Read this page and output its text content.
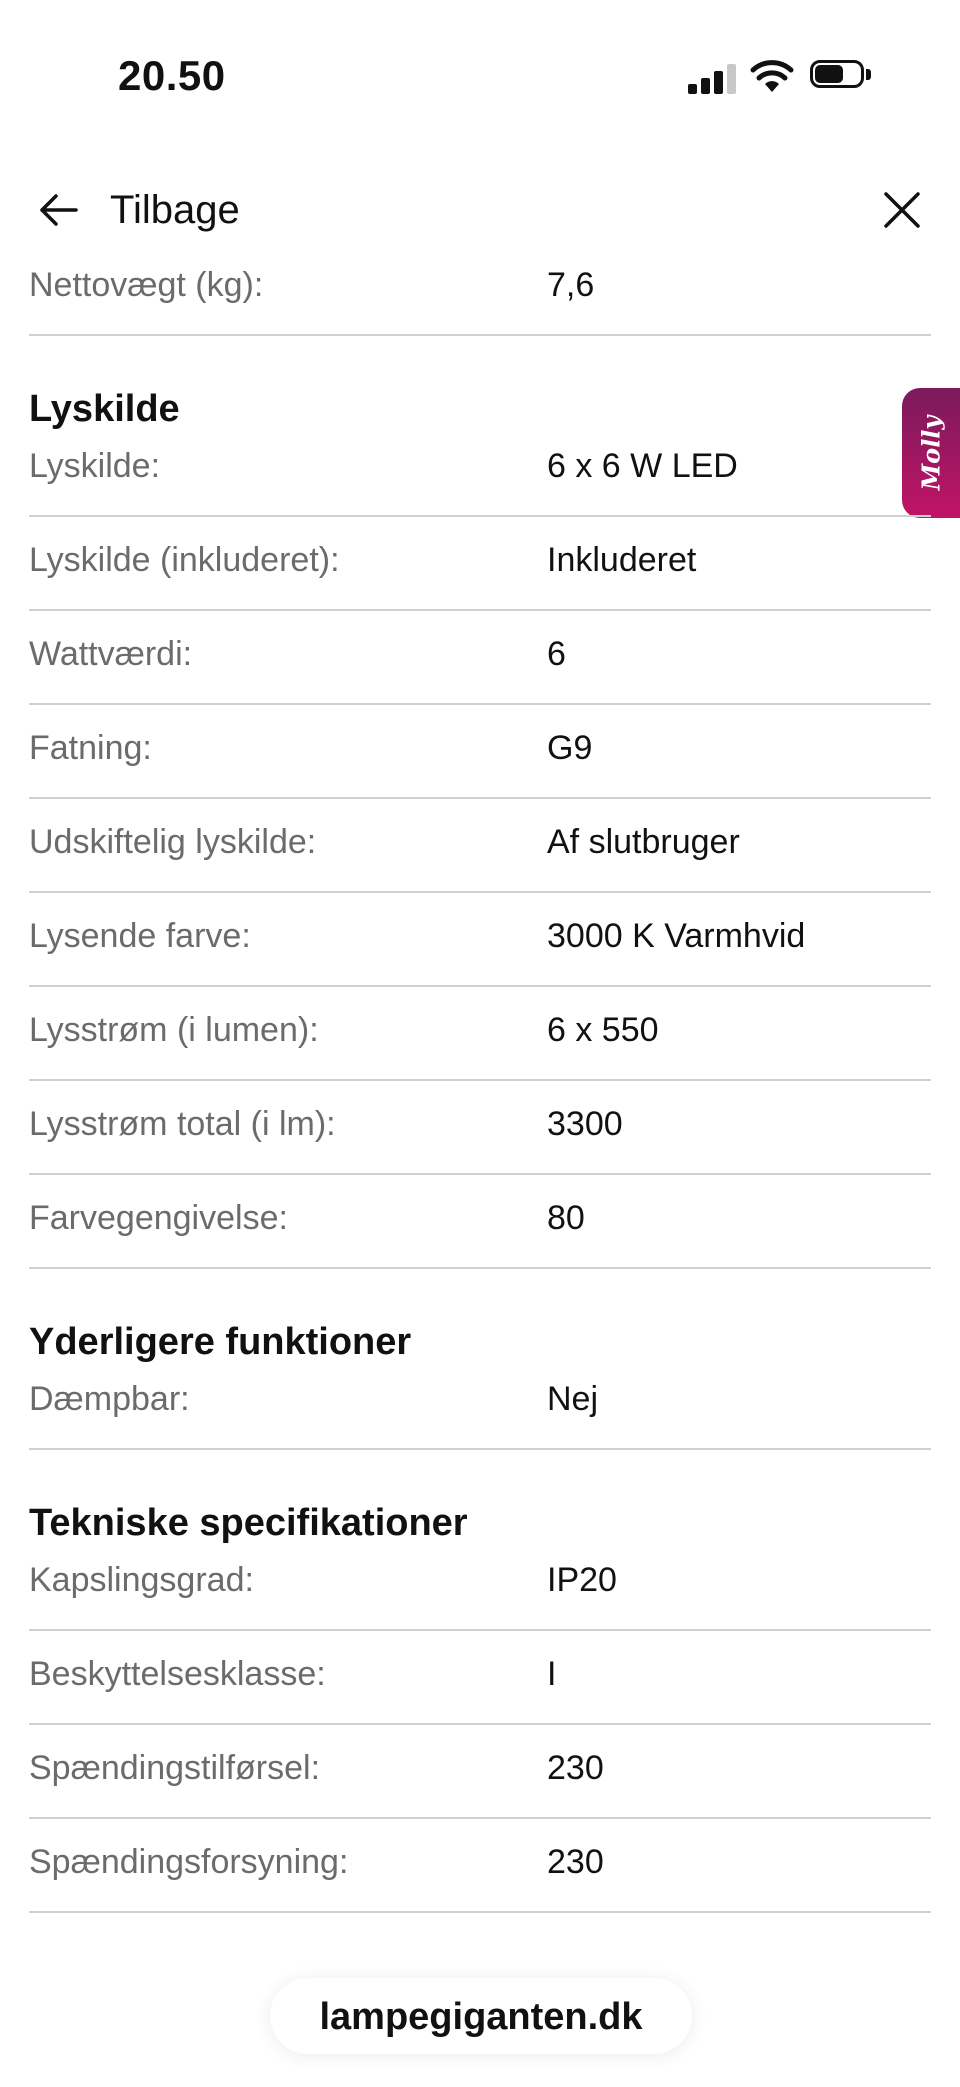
20.50
Tilbage
Molly
Nettovægt (kg):	7,6
Lyskilde
Lyskilde:	6 x 6 W LED
Lyskilde (inkluderet):	Inkluderet
Wattværdi:	6
Fatning:	G9
Udskiftelig lyskilde:	Af slutbruger
Lysende farve:	3000 K Varmhvid
Lysstrøm (i lumen):	6 x 550
Lysstrøm total (i lm):	3300
Farvegengivelse:	80
Yderligere funktioner
Dæmpbar:	Nej
Tekniske specifikationer
Kapslingsgrad:	IP20
Beskyttelsesklasse:	I
Spændingstilførsel:	230
Spændingsforsyning:	230
lampegiganten.dk
